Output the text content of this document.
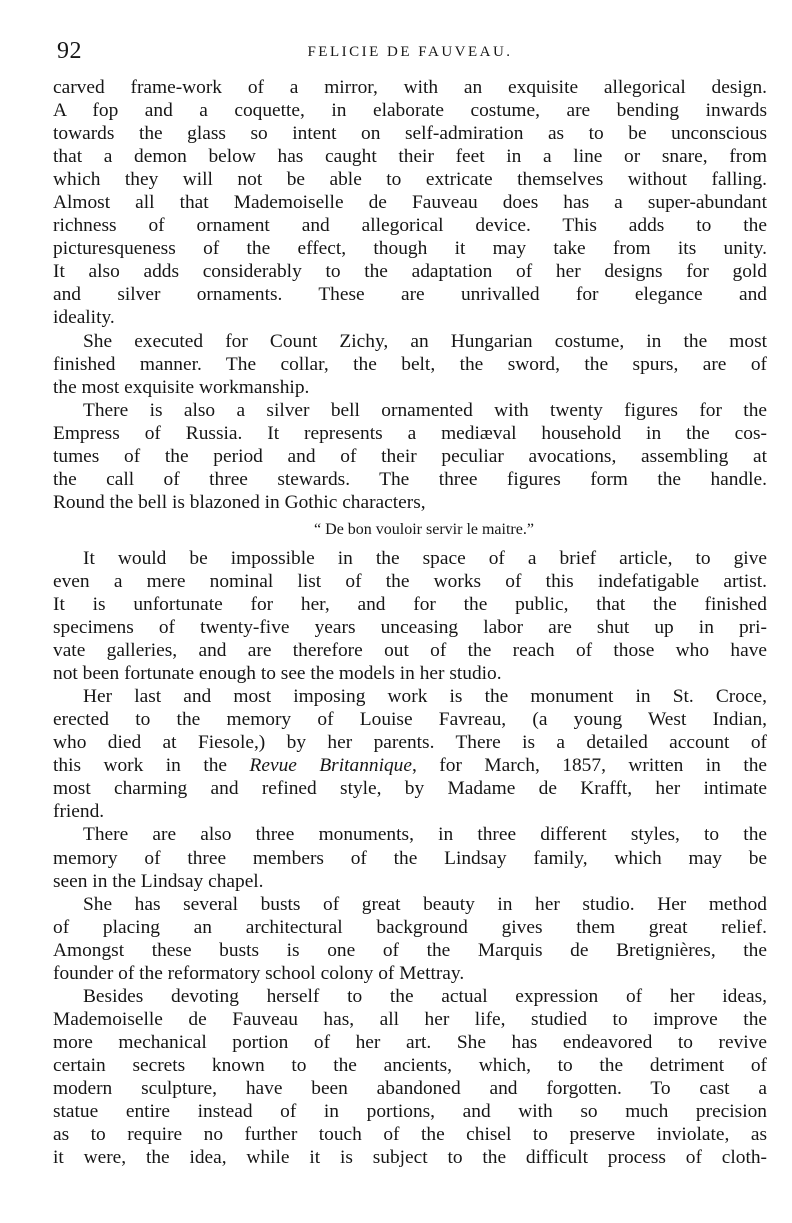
92	FELICIE DE FAUVEAU.
carved frame-work of a mirror, with an exquisite allegorical design.
A fop and a coquette, in elaborate costume, are bending inwards
towards the glass so intent on self-admiration as to be unconscious
that a demon below has caught their feet in a line or snare, from
which they will not be able to extricate themselves without falling.
Almost all that Mademoiselle de Fauveau does has a super-abundant
richness of ornament and allegorical device. This adds to the
picturesqueness of the effect, though it may take from its unity.
It also adds considerably to the adaptation of her designs for gold
and silver ornaments. These are unrivalled for elegance and
ideality.
She executed for Count Zichy, an Hungarian costume, in the most
finished manner. The collar, the belt, the sword, the spurs, are of
the most exquisite workmanship.
There is also a silver bell ornamented with twenty figures for the
Empress of Russia. It represents a mediæval household in the cos-
tumes of the period and of their peculiar avocations, assembling at
the call of three stewards. The three figures form the handle.
Round the bell is blazoned in Gothic characters,
“ De bon vouloir servir le maitre.”
It would be impossible in the space of a brief article, to give
even a mere nominal list of the works of this indefatigable artist.
It is unfortunate for her, and for the public, that the finished
specimens of twenty-five years unceasing labor are shut up in pri-
vate galleries, and are therefore out of the reach of those who have
not been fortunate enough to see the models in her studio.
Her last and most imposing work is the monument in St. Croce,
erected to the memory of Louise Favreau, (a young West Indian,
who died at Fiesole,) by her parents. There is a detailed account of
this work in the Revue Britannique, for March, 1857, written in the
most charming and refined style, by Madame de Krafft, her intimate
friend.
There are also three monuments, in three different styles, to the
memory of three members of the Lindsay family, which may be
seen in the Lindsay chapel.
She has several busts of great beauty in her studio. Her method
of placing an architectural background gives them great relief.
Amongst these busts is one of the Marquis de Bretignières, the
founder of the reformatory school colony of Mettray.
Besides devoting herself to the actual expression of her ideas,
Mademoiselle de Fauveau has, all her life, studied to improve the
more mechanical portion of her art. She has endeavored to revive
certain secrets known to the ancients, which, to the detriment of
modern sculpture, have been abandoned and forgotten. To cast a
statue entire instead of in portions, and with so much precision
as to require no further touch of the chisel to preserve inviolate, as
it were, the idea, while it is subject to the difficult process of cloth-
